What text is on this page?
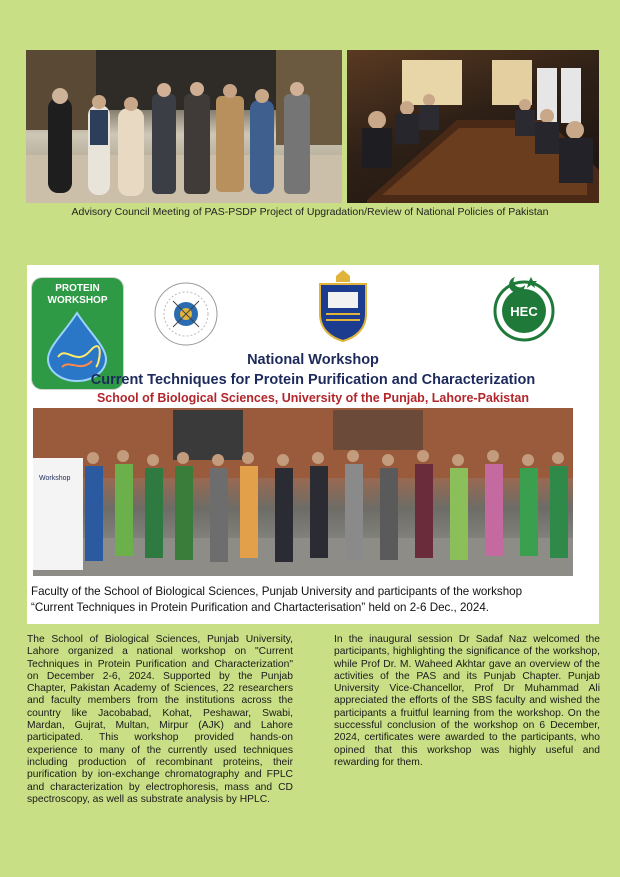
Advisory Council Meeting of PAS-PSDP Project of Upgradation/Review of National Policies of Pakistan
PROTEIN
WORKSHOP
HEC
National Workshop
Current Techniques for Protein Purification and Characterization
School of Biological Sciences, University of the Punjab, Lahore-Pakistan
Workshop
Faculty of the School of Biological Sciences, Punjab University and participants of the workshop
“Current Techniques in Protein Purification and Chartacterisation” held on 2-6 Dec., 2024.
The School of Biological Sciences, Punjab University, Lahore organized a national workshop on "Current Techniques in Protein Purification and Characterization" on December 2-6, 2024. Supported by the Punjab Chapter, Pakistan Academy of Sciences, 22 researchers and faculty members from the institutions across the country like Jacobabad, Kohat, Peshawar, Swabi, Mardan, Gujrat, Multan, Mirpur (AJK) and Lahore participated. This workshop provided hands-on experience to many of the currently used techniques including production of recombinant proteins, their purification by ion-exchange chromatography and FPLC and characterization by electrophoresis, mass and CD spectroscopy, as well as substrate analysis by HPLC.
In the inaugural session Dr Sadaf Naz welcomed the participants, highlighting the significance of the workshop, while Prof Dr. M. Waheed Akhtar gave an overview of the activities of the PAS and its Punjab Chapter. Punjab University Vice-Chancellor, Prof Dr Muhammad Ali appreciated the efforts of the SBS faculty and wished the participants a fruitful learning from the workshop. On the successful conclusion of the workshop on 6 December, 2024, certificates were awarded to the participants, who opined that this workshop was highly useful and rewarding for them.
